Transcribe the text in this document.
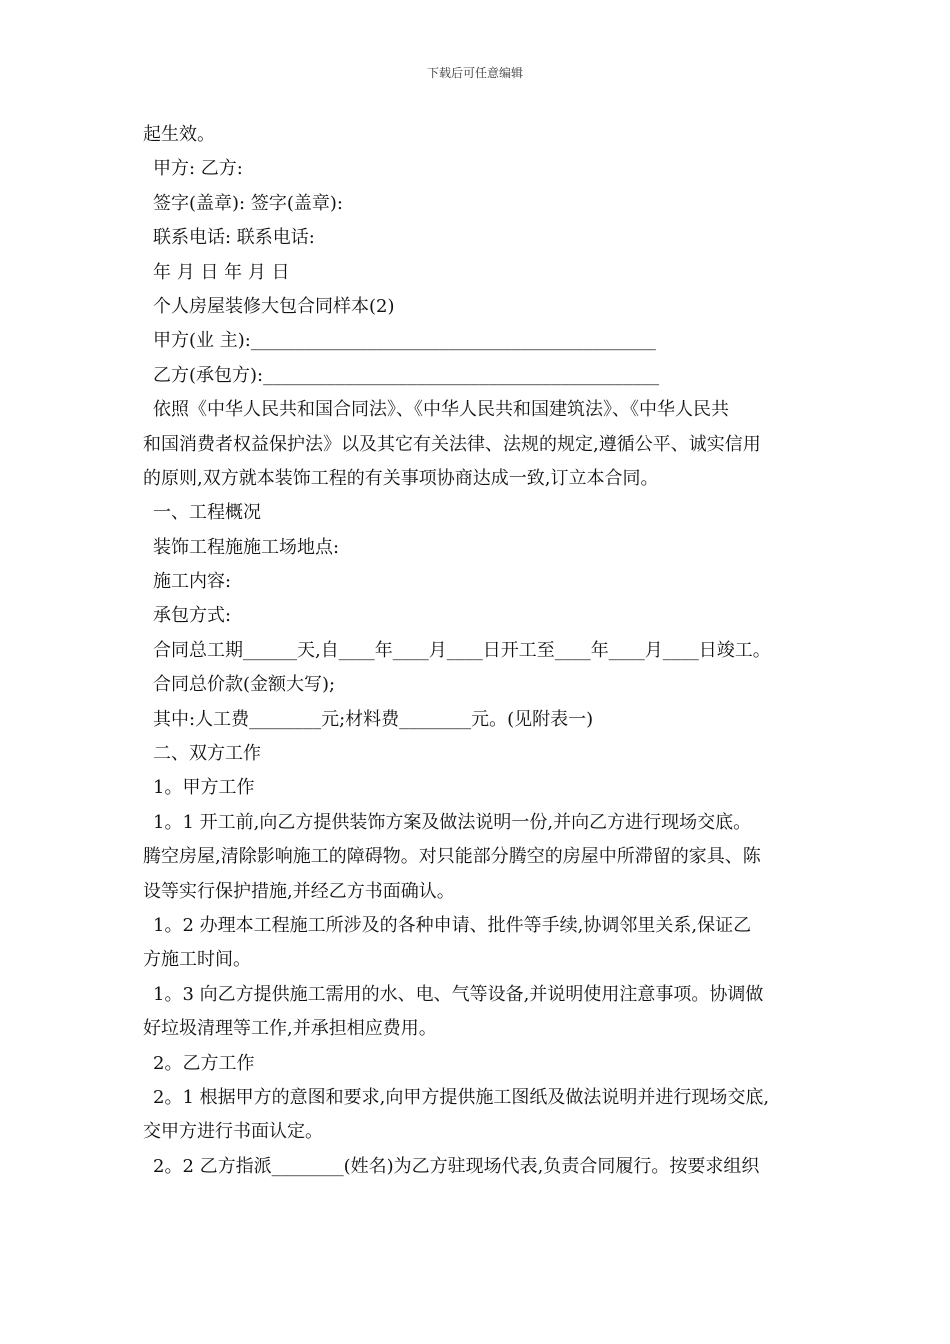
下载后可任意编辑
起生效。
甲方: 乙方:
签字(盖章): 签字(盖章):
联系电话: 联系电话:
年 月 日 年 月 日
个人房屋装修大包合同样本(2)
甲方(业 主):_____________________________________________
乙方(承包方):____________________________________________
依照《中华人民共和国合同法》、《中华人民共和国建筑法》、《中华人民共
和国消费者权益保护法》以及其它有关法律、法规的规定,遵循公平、诚实信用
的原则,双方就本装饰工程的有关事项协商达成一致,订立本合同。
一、工程概况
装饰工程施施工场地点:
施工内容:
承包方式:
合同总工期______天,自____年____月____日开工至____年____月____日竣工。
合同总价款(金额大写);
其中:人工费________元;材料费________元。(见附表一)
二、双方工作
1。甲方工作
1。1 开工前,向乙方提供装饰方案及做法说明一份,并向乙方进行现场交底。
腾空房屋,清除影响施工的障碍物。对只能部分腾空的房屋中所滞留的家具、陈
设等实行保护措施,并经乙方书面确认。
1。2 办理本工程施工所涉及的各种申请、批件等手续,协调邻里关系,保证乙
方施工时间。
1。3 向乙方提供施工需用的水、电、气等设备,并说明使用注意事项。协调做
好垃圾清理等工作,并承担相应费用。
2。乙方工作
2。1 根据甲方的意图和要求,向甲方提供施工图纸及做法说明并进行现场交底,
交甲方进行书面认定。
2。2 乙方指派________(姓名)为乙方驻现场代表,负责合同履行。按要求组织
